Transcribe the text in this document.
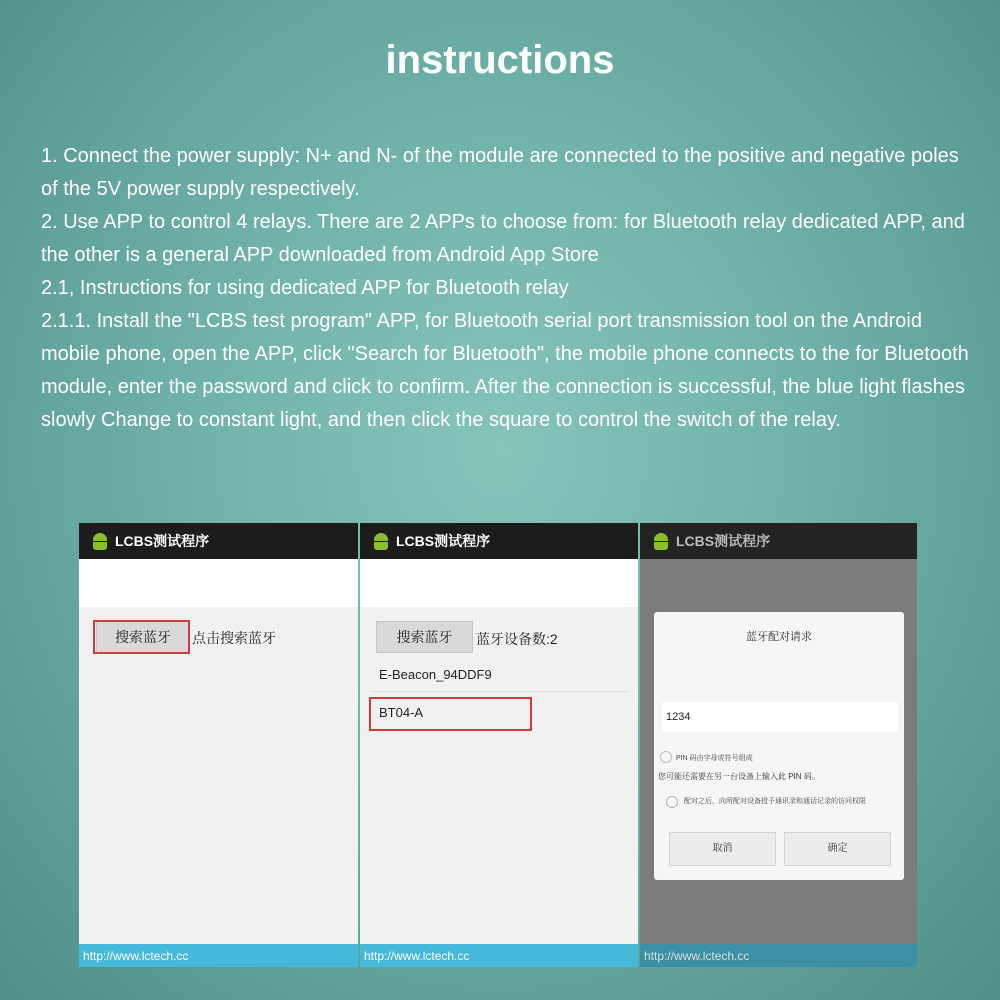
instructions

1. Connect the power supply: N+ and N- of the module are connected to the positive and negative poles of the 5V power supply respectively.

2. Use APP to control 4 relays. There are 2 APPs to choose from: for Bluetooth relay dedicated APP, and the other is a general APP downloaded from Android App Store

2.1, Instructions for using dedicated APP for Bluetooth relay

2.1.1. Install the "LCBS test program" APP, for Bluetooth serial port transmission tool on the Android mobile phone, open the APP, click "Search for Bluetooth", the mobile phone connects to the for Bluetooth module, enter the password and click to confirm. After the connection is successful, the blue light flashes slowly Change to constant light, and then click the square to control the switch of the relay.

LCBS测试程序
搜索蓝牙	点击搜索蓝牙
http://www.lctech.cc
LCBS测试程序
搜索蓝牙	蓝牙设备数:2
E-Beacon_94DDF9
BT04-A
http://www.lctech.cc
LCBS测试程序
蓝牙配对请求
1234
PIN 码由字母或符号组成
您可能还需要在另一台设备上输入此 PIN 码。
配对之后，向所配对设备授予通讯录和通话记录的访问权限
取消	确定
http://www.lctech.cc
